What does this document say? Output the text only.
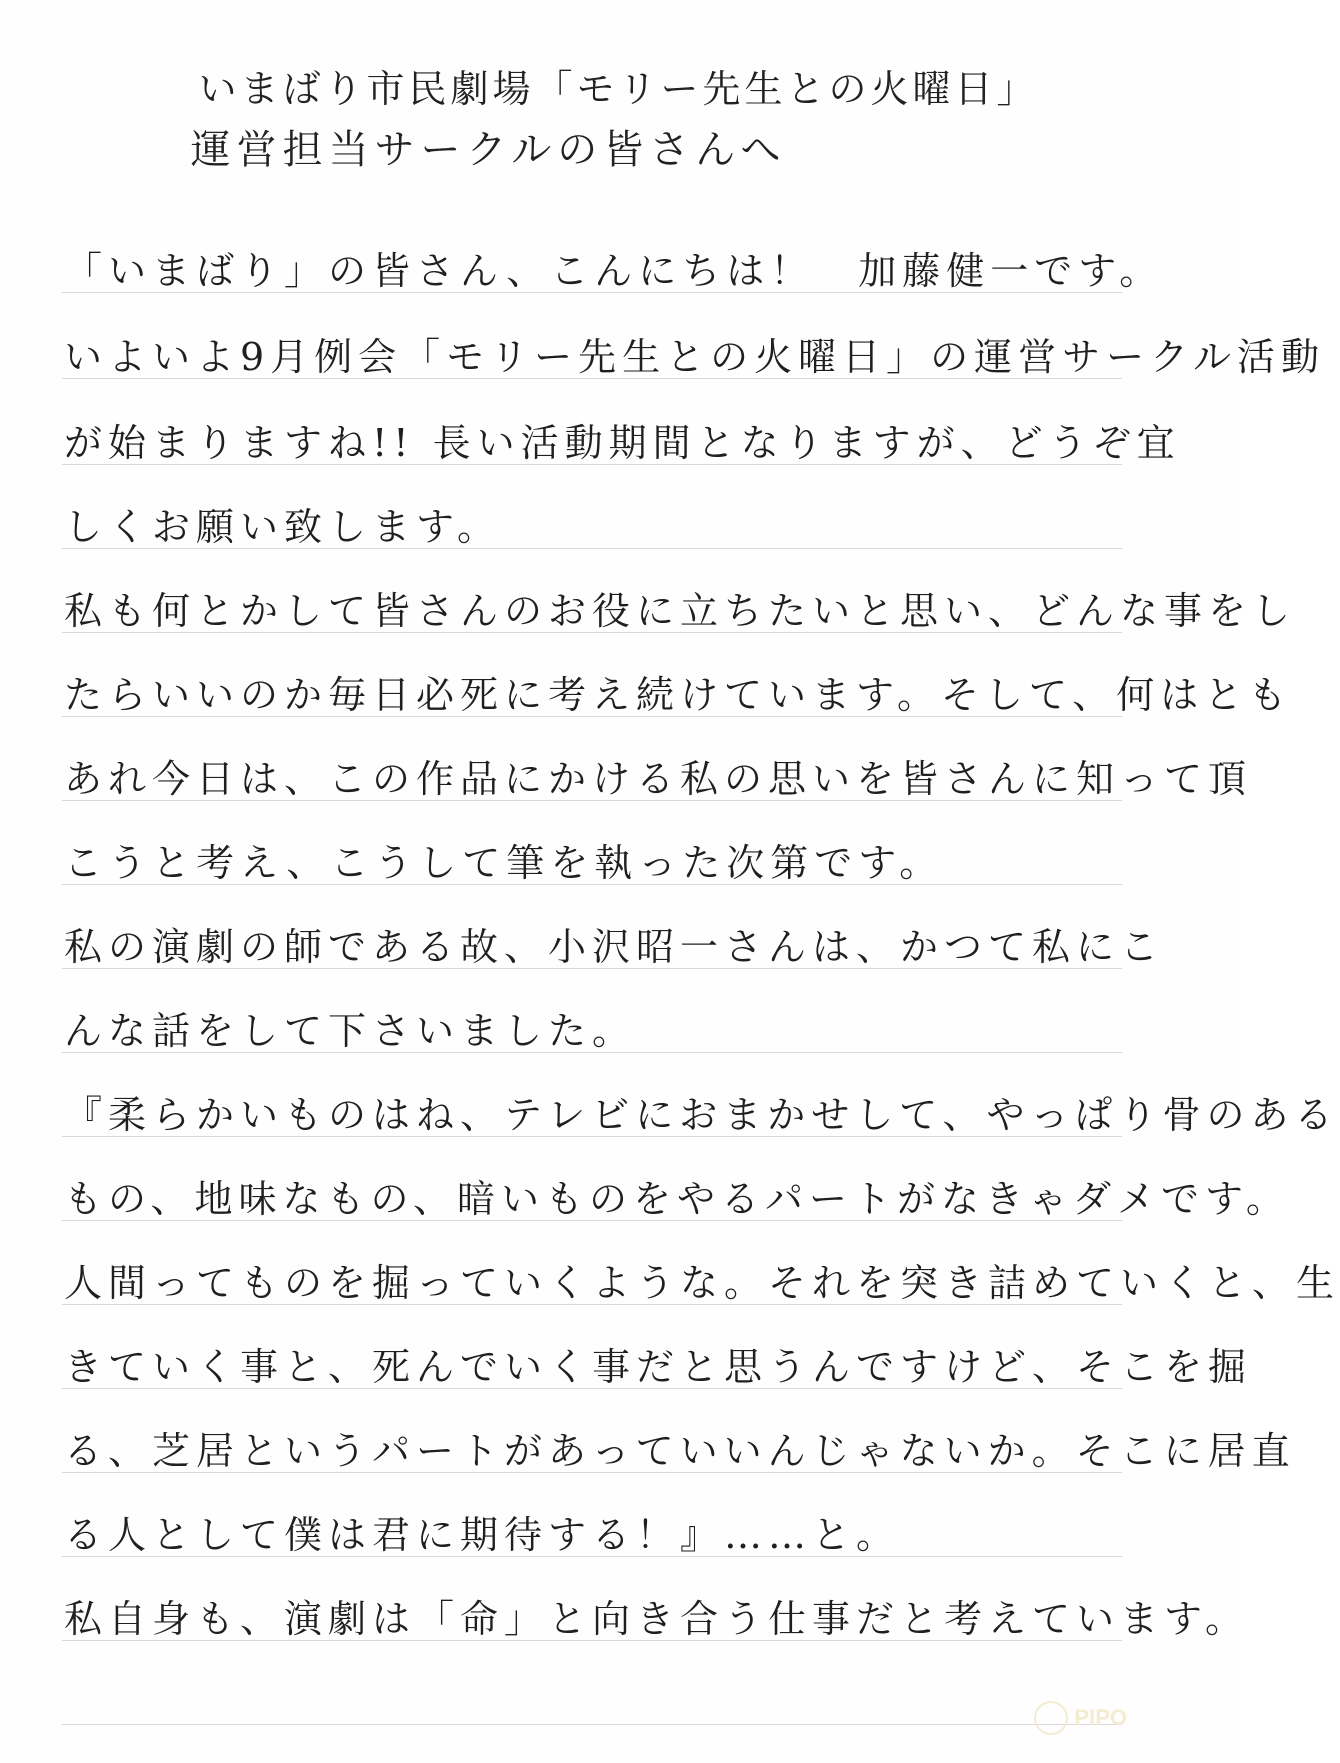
いまばり市民劇場「モリー先生との火曜日」
運営担当サークルの皆さんへ
「いまばり」の皆さん、こんにちは！　加藤健一です。
いよいよ9月例会「モリー先生との火曜日」の運営サークル活動
が始まりますね!! 長い活動期間となりますが、どうぞ宜
しくお願い致します。
私も何とかして皆さんのお役に立ちたいと思い、どんな事をし
たらいいのか毎日必死に考え続けています。そして、何はとも
あれ今日は、この作品にかける私の思いを皆さんに知って頂
こうと考え、こうして筆を執った次第です。
私の演劇の師である故、小沢昭一さんは、かつて私にこ
んな話をして下さいました。
『柔らかいものはね、テレビにおまかせして、やっぱり骨のある
もの、地味なもの、暗いものをやるパートがなきゃダメです。
人間ってものを掘っていくような。それを突き詰めていくと、生
きていく事と、死んでいく事だと思うんですけど、そこを掘
る、芝居というパートがあっていいんじゃないか。そこに居直
る人として僕は君に期待する！』……と。
私自身も、演劇は「命」と向き合う仕事だと考えています。
PIPO
